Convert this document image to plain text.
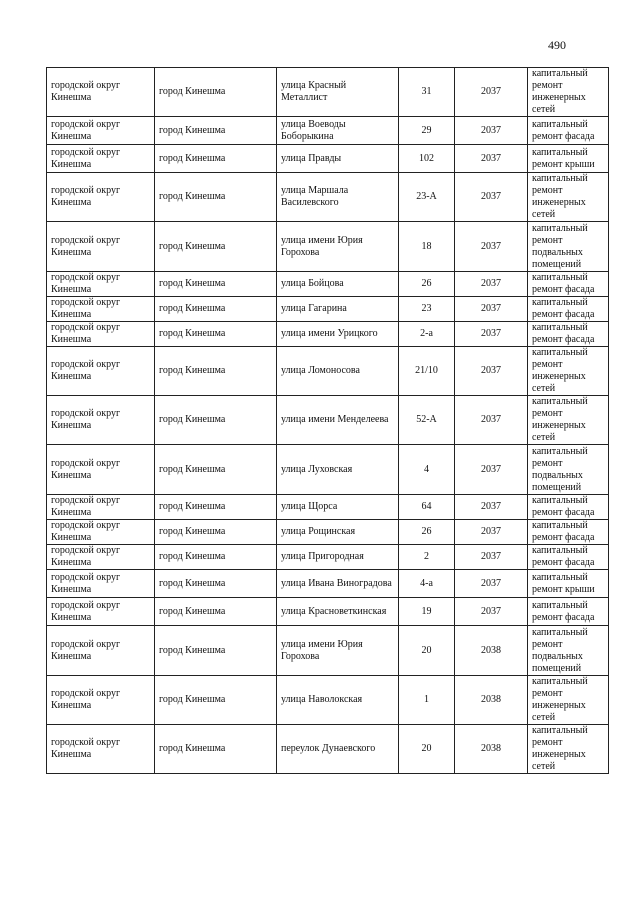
490
городской округ Кинешма	город Кинешма	улица Красный Металлист	31	2037	капитальный ремонт инженерных сетей
городской округ Кинешма	город Кинешма	улица Воеводы Боборыкина	29	2037	капитальный ремонт фасада
городской округ Кинешма	город Кинешма	улица Правды	102	2037	капитальный ремонт крыши
городской округ Кинешма	город Кинешма	улица Маршала Василевского	23-А	2037	капитальный ремонт инженерных сетей
городской округ Кинешма	город Кинешма	улица имени Юрия Горохова	18	2037	капитальный ремонт подвальных помещений
городской округ Кинешма	город Кинешма	улица Бойцова	26	2037	капитальный ремонт фасада
городской округ Кинешма	город Кинешма	улица Гагарина	23	2037	капитальный ремонт фасада
городской округ Кинешма	город Кинешма	улица имени Урицкого	2-а	2037	капитальный ремонт фасада
городской округ Кинешма	город Кинешма	улица Ломоносова	21/10	2037	капитальный ремонт инженерных сетей
городской округ Кинешма	город Кинешма	улица имени Менделеева	52-А	2037	капитальный ремонт инженерных сетей
городской округ Кинешма	город Кинешма	улица Луховская	4	2037	капитальный ремонт подвальных помещений
городской округ Кинешма	город Кинешма	улица Щорса	64	2037	капитальный ремонт фасада
городской округ Кинешма	город Кинешма	улица Рощинская	26	2037	капитальный ремонт фасада
городской округ Кинешма	город Кинешма	улица Пригородная	2	2037	капитальный ремонт фасада
городской округ Кинешма	город Кинешма	улица Ивана Виноградова	4-а	2037	капитальный ремонт крыши
городской округ Кинешма	город Кинешма	улица Красноветкинская	19	2037	капитальный ремонт фасада
городской округ Кинешма	город Кинешма	улица имени Юрия Горохова	20	2038	капитальный ремонт подвальных помещений
городской округ Кинешма	город Кинешма	улица Наволокская	1	2038	капитальный ремонт инженерных сетей
городской округ Кинешма	город Кинешма	переулок Дунаевского	20	2038	капитальный ремонт инженерных сетей
